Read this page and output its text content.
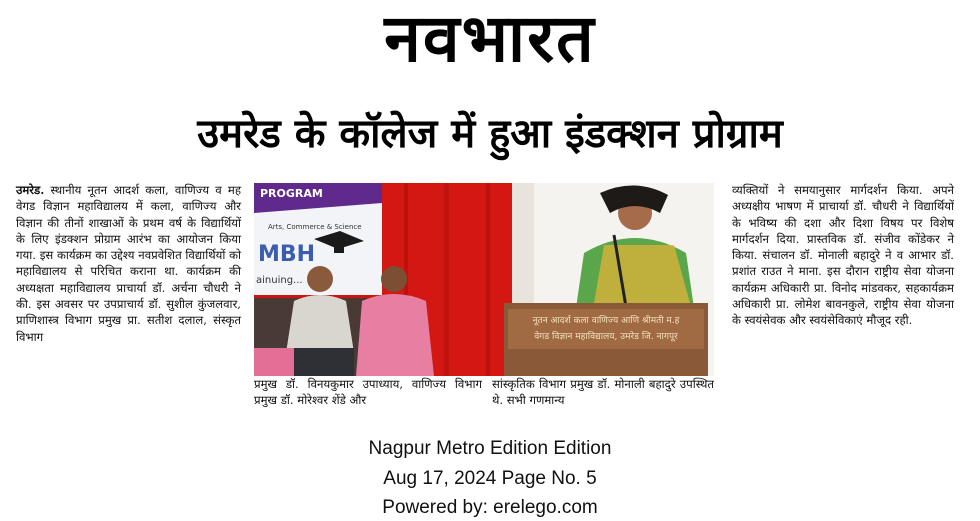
नवभारत
उमरेड के कॉलेज में हुआ इंडक्शन प्रोग्राम
उमरेड. स्थानीय नूतन आदर्श कला, वाणिज्य व मह वेगड विज्ञान महाविद्यालय में कला, वाणिज्य और विज्ञान की तीनों शाखाओं के प्रथम वर्ष के विद्यार्थियों के लिए इंडक्शन प्रोग्राम आरंभ का आयोजन किया गया. इस कार्यक्रम का उद्देश्य नवप्रवेशित विद्यार्थियों को महाविद्यालय से परिचित कराना था. कार्यक्रम की अध्यक्षता महाविद्यालय प्राचार्या डॉ. अर्चना चौधरी ने की. इस अवसर पर उपप्राचार्य डॉ. सुशील कुंजलवार, प्राणिशास्त्र विभाग प्रमुख प्रा. सतीश दलाल, संस्कृत विभाग
PROGRAM
Arts, Commerce & Science
MBH
ainuing...
नूतन आदर्श कला वाणिज्य आणि श्रीमती म.ह
वेगड विज्ञान महाविद्यालय, उमरेड जि. नागपूर
प्रमुख डॉ. विनयकुमार उपाध्याय, वाणिज्य विभाग प्रमुख डॉ. मोरेश्वर शेंडे और
सांस्कृतिक विभाग प्रमुख डॉ. मोनाली बहादुरे उपस्थित थे. सभी गणमान्य
व्यक्तियों ने समयानुसार मार्गदर्शन किया. अपने अध्यक्षीय भाषण में प्राचार्या डॉ. चौधरी ने विद्यार्थियों के भविष्य की दशा और दिशा विषय पर विशेष मार्गदर्शन दिया. प्रास्तविक डॉ. संजीव कोंडेकर ने किया. संचालन डॉ. मोनाली बहादुरे ने व आभार डॉ. प्रशांत राउत ने माना. इस दौरान राष्ट्रीय सेवा योजना कार्यक्रम अधिकारी प्रा. विनोद मांडवकर, सहकार्यक्रम अधिकारी प्रा. लोमेश बावनकुले, राष्ट्रीय सेवा योजना के स्वयंसेवक और स्वयंसेविकाएं मौजूद रही.
Nagpur Metro Edition Edition
Aug 17, 2024 Page No. 5
Powered by: erelego.com
